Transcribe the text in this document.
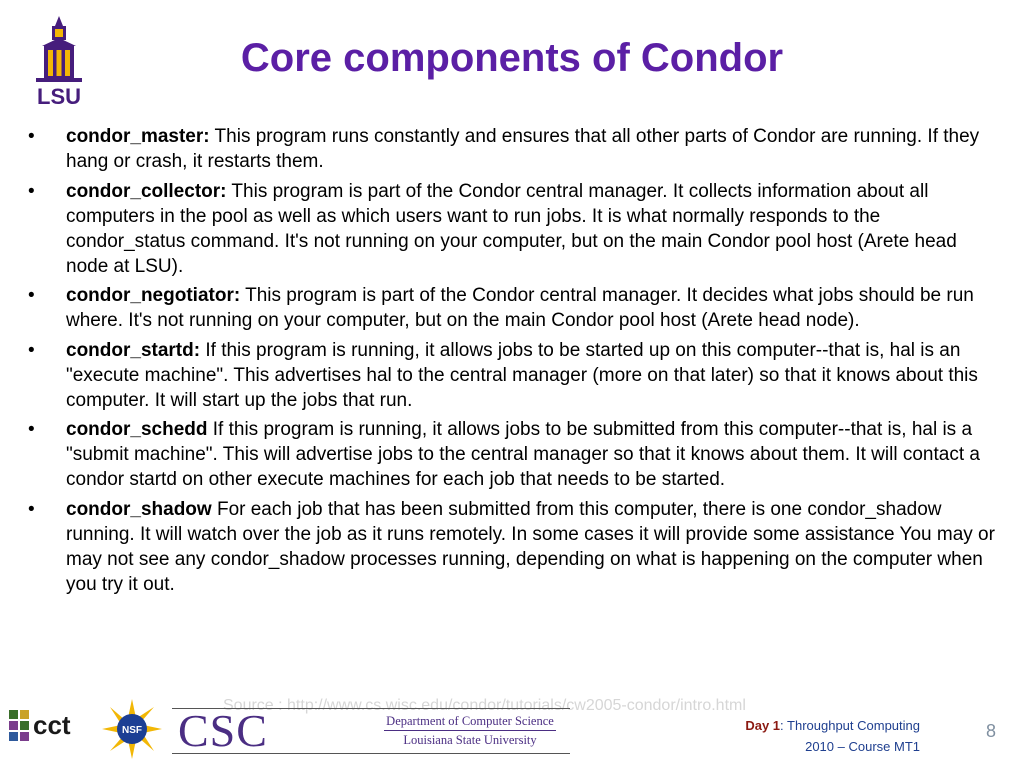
LSU
Core components of Condor
• condor_master: This program runs constantly and ensures that all other parts of Condor are running. If they hang or crash, it restarts them.
• condor_collector: This program is part of the Condor central manager. It collects information about all computers in the pool as well as which users want to run jobs. It is what normally responds to the condor_status command. It's not running on your computer, but on the main Condor pool host (Arete head node at LSU).
• condor_negotiator: This program is part of the Condor central manager. It decides what jobs should be run where. It's not running on your computer, but on the main Condor pool host (Arete head node).
• condor_startd: If this program is running, it allows jobs to be started up on this computer--that is, hal is an "execute machine". This advertises hal to the central manager (more on that later) so that it knows about this computer. It will start up the jobs that run.
• condor_schedd If this program is running, it allows jobs to be submitted from this computer--that is, hal is a "submit machine". This will advertise jobs to the central manager so that it knows about them. It will contact a condor startd on other execute machines for each job that needs to be started.
• condor_shadow For each job that has been submitted from this computer, there is one condor_shadow running. It will watch over the job as it runs remotely. In some cases it will provide some assistance You may or may not see any condor_shadow processes running, depending on what is happening on the computer when you try it out.
Source : http://www.cs.wisc.edu/condor/tutorials/cw2005-condor/intro.html
cct	NSF CSC	Department of Computer Science
Louisiana State University
Day 1: Throughput Computing
2010 – Course MT1
8
